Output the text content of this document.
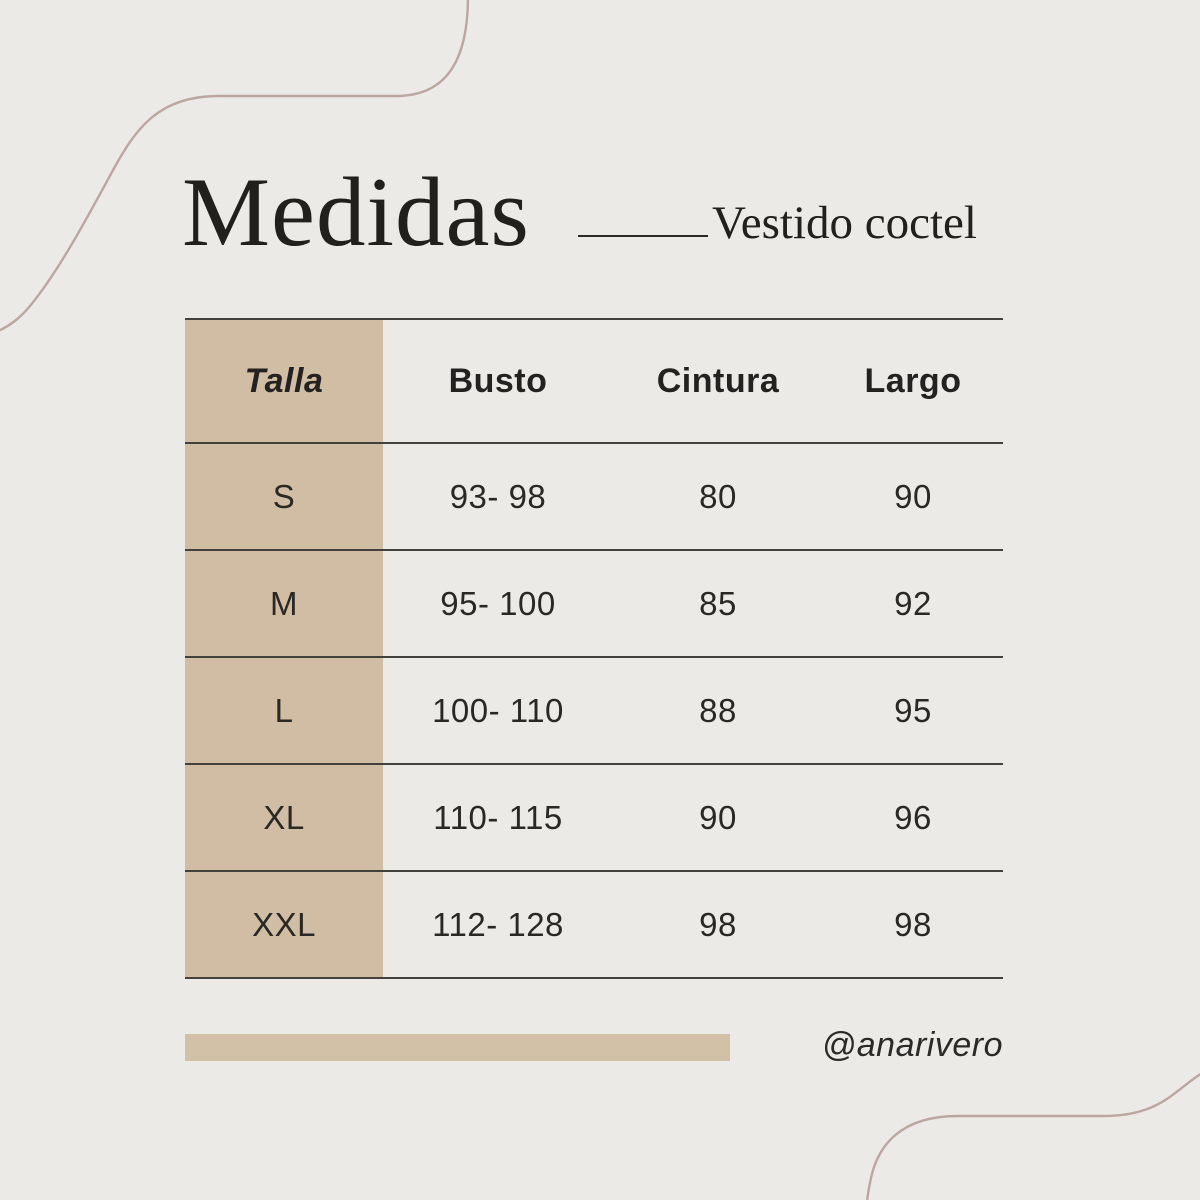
Medidas	Vestido coctel
Talla	Busto	Cintura	Largo
S	93- 98	80	90
M	95- 100	85	92
L	100- 110	88	95
XL	110- 115	90	96
XXL	112- 128	98	98
@anarivero
